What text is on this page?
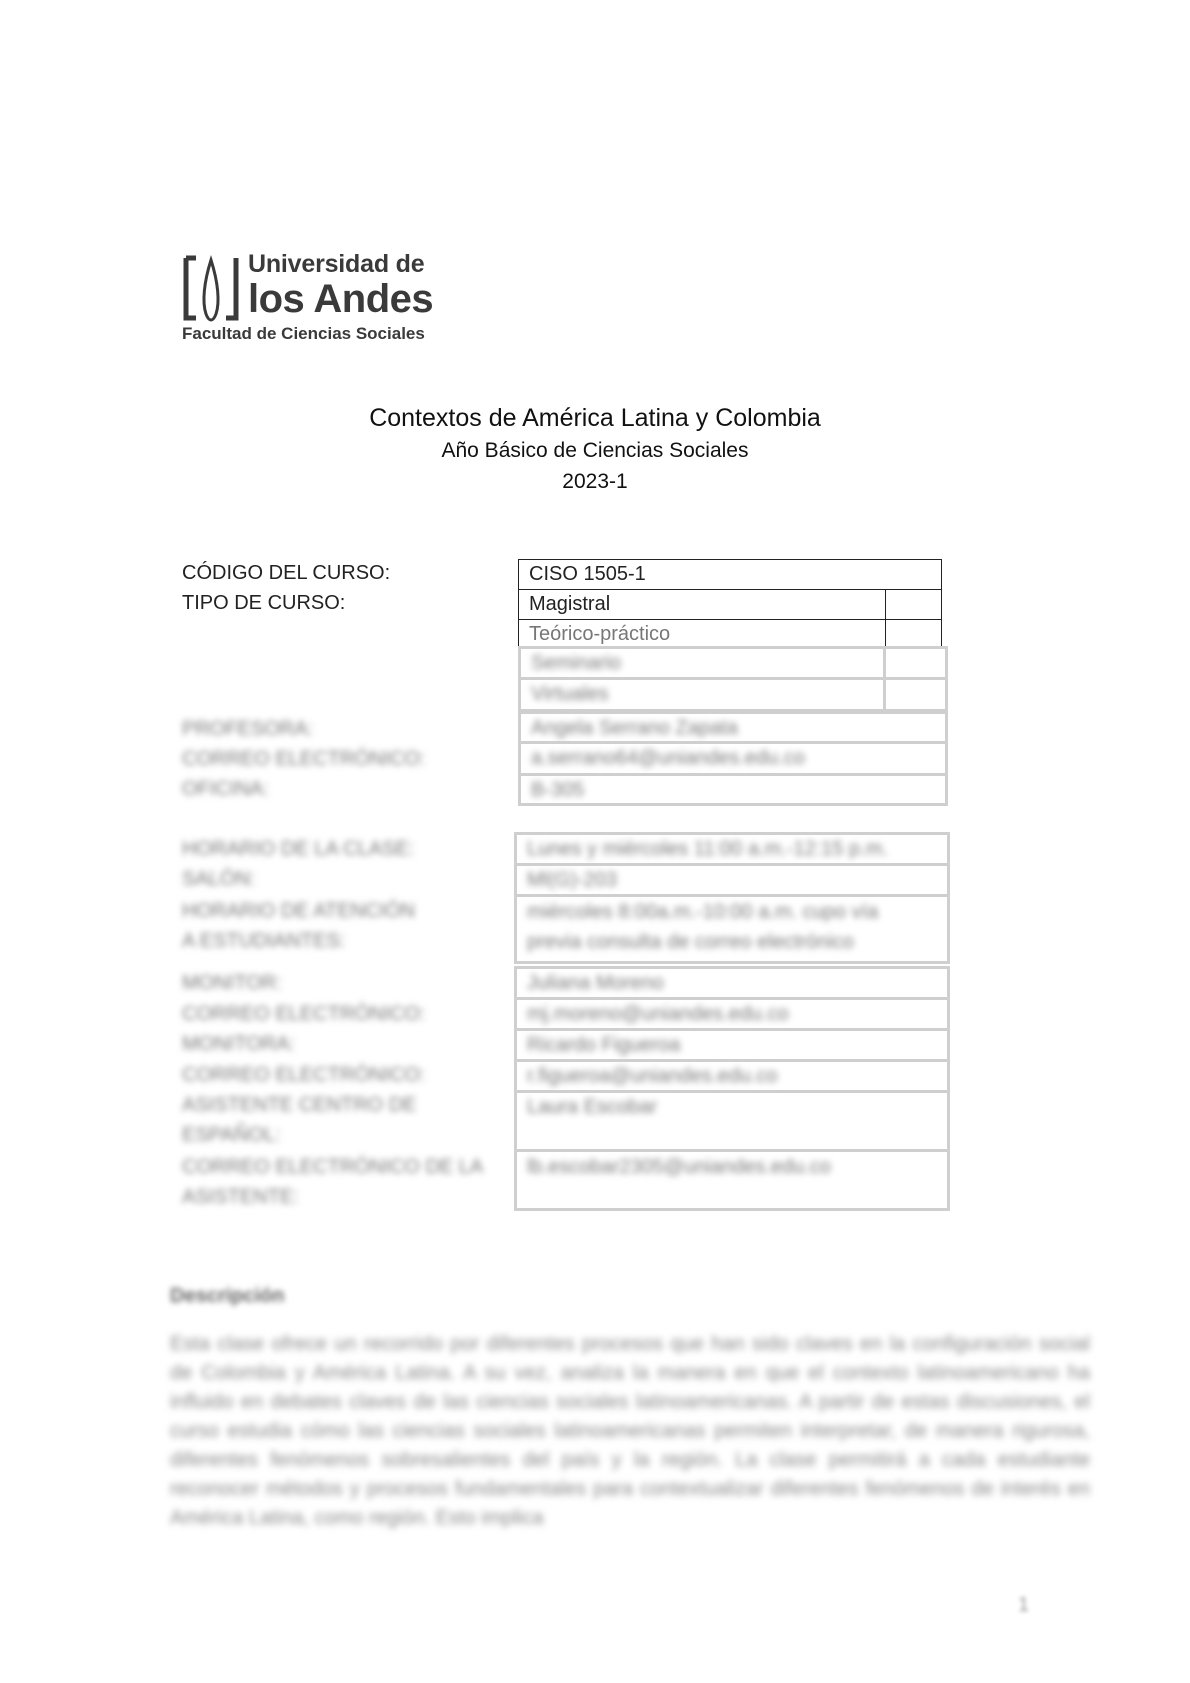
Universidad de
los Andes
Facultad de Ciencias Sociales
Contextos de América Latina y Colombia
Año Básico de Ciencias Sociales
2023-1
CÓDIGO DEL CURSO:
TIPO DE CURSO:
CISO 1505-1
Magistral
Teórico-práctico
Seminario
Virtuales
PROFESORA:
CORREO ELECTRÓNICO:
OFICINA:
Angela Serrano Zapata
a.serrano64@uniandes.edu.co
B-305
HORARIO DE LA CLASE:
SALÓN:
HORARIO DE ATENCIÓN
A ESTUDIANTES:
Lunes y miércoles 11:00 a.m.-12:15 p.m.
Ml(G)-203
miércoles 8:00a.m.-10:00 a.m. cupo vía
previa consulta de correo electrónico
MONITOR:
CORREO ELECTRÓNICO:
MONITORA:
CORREO ELECTRÓNICO:
ASISTENTE CENTRO DE
ESPAÑOL:
CORREO ELECTRÓNICO DE LA
ASISTENTE:
Juliana Moreno
mj.moreno@uniandes.edu.co
Ricardo Figueroa
r.figueroa@uniandes.edu.co
Laura Escobar
lb.escobar2305@uniandes.edu.co
Descripción
Esta clase ofrece un recorrido por diferentes procesos que han sido claves en la configuración social de Colombia y América Latina. A su vez, analiza la manera en que el contexto latinoamericano ha influido en debates claves de las ciencias sociales latinoamericanas. A partir de estas discusiones, el curso estudia cómo las ciencias sociales latinoamericanas permiten interpretar, de manera rigurosa, diferentes fenómenos sobresalientes del país y la región. La clase permitirá a cada estudiante reconocer métodos y procesos fundamentales para contextualizar diferentes fenómenos de interés en América Latina, como región. Esto implica
1
